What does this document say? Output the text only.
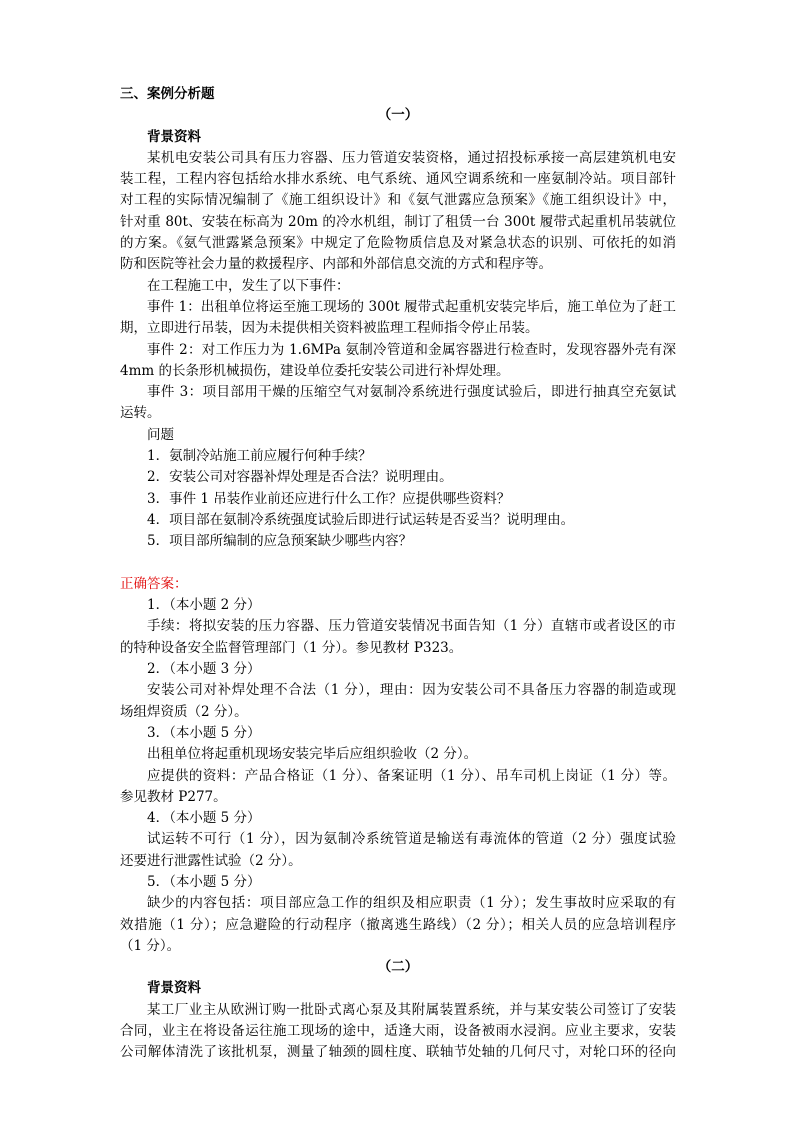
三、案例分析题
（一）
背景资料
某机电安装公司具有压力容器、压力管道安装资格，通过招投标承接一高层建筑机电安
装工程，工程内容包括给水排水系统、电气系统、通风空调系统和一座氨制冷站。项目部针
对工程的实际情况编制了《施工组织设计》和《氨气泄露应急预案》《施工组织设计》中，
针对重 80t、安装在标高为 20m 的冷水机组，制订了租赁一台 300t 履带式起重机吊装就位
的方案。《氨气泄露紧急预案》中规定了危险物质信息及对紧急状态的识别、可依托的如消
防和医院等社会力量的救援程序、内部和外部信息交流的方式和程序等。
在工程施工中，发生了以下事件：
事件 1：出租单位将运至施工现场的 300t 履带式起重机安装完毕后，施工单位为了赶工
期，立即进行吊装，因为未提供相关资料被监理工程师指令停止吊装。
事件 2：对工作压力为 1.6MPa 氨制冷管道和金属容器进行检查时，发现容器外壳有深
4mm 的长条形机械损伤，建设单位委托安装公司进行补焊处理。
事件 3：项目部用干燥的压缩空气对氨制冷系统进行强度试验后，即进行抽真空充氨试
运转。
问题
1．氨制冷站施工前应履行何种手续？
2．安装公司对容器补焊处理是否合法？说明理由。
3．事件 1 吊装作业前还应进行什么工作？应提供哪些资料？
4．项目部在氨制冷系统强度试验后即进行试运转是否妥当？说明理由。
5．项目部所编制的应急预案缺少哪些内容？
正确答案：
1．（本小题 2 分）
手续：将拟安装的压力容器、压力管道安装情况书面告知（1 分）直辖市或者设区的市
的特种设备安全监督管理部门（1 分）。参见教材 P323。
2．（本小题 3 分）
安装公司对补焊处理不合法（1 分），理由：因为安装公司不具备压力容器的制造或现
场组焊资质（2 分）。
3．（本小题 5 分）
出租单位将起重机现场安装完毕后应组织验收（2 分）。
应提供的资料：产品合格证（1 分）、备案证明（1 分）、吊车司机上岗证（1 分）等。
参见教材 P277。
4．（本小题 5 分）
试运转不可行（1 分），因为氨制冷系统管道是输送有毒流体的管道（2 分）强度试验
还要进行泄露性试验（2 分）。
5．（本小题 5 分）
缺少的内容包括：项目部应急工作的组织及相应职责（1 分）；发生事故时应采取的有
效措施（1 分）；应急避险的行动程序（撤离逃生路线）（2 分）；相关人员的应急培训程序
（1 分）。
（二）
背景资料
某工厂业主从欧洲订购一批卧式离心泵及其附属装置系统，并与某安装公司签订了安装
合同，业主在将设备运往施工现场的途中，适逢大雨，设备被雨水浸润。应业主要求，安装
公司解体清洗了该批机泵，测量了轴颈的圆柱度、联轴节处轴的几何尺寸，对轮口环的径向
